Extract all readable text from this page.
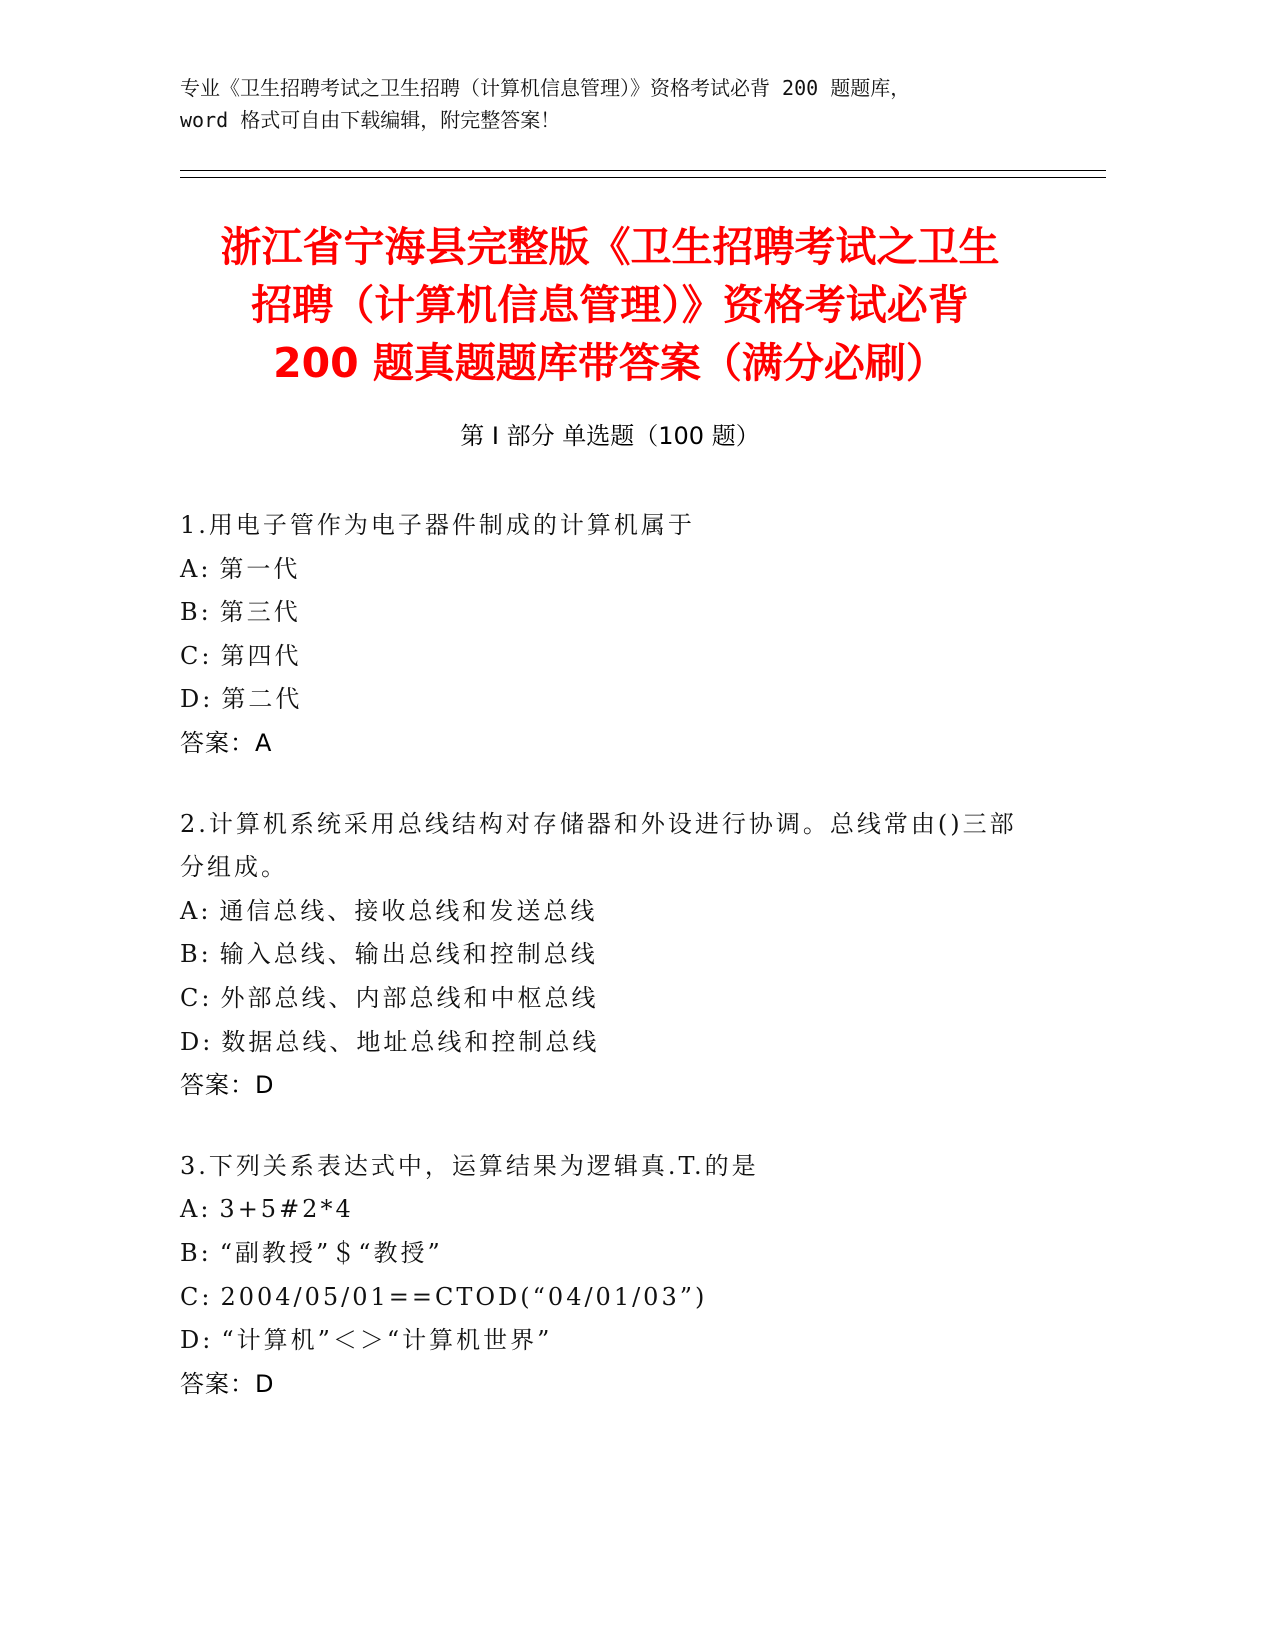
专业《卫生招聘考试之卫生招聘（计算机信息管理）》资格考试必背 200 题题库，
word 格式可自由下载编辑，附完整答案！
浙江省宁海县完整版《卫生招聘考试之卫生
招聘（计算机信息管理）》资格考试必背
200 题真题题库带答案（满分必刷）
第 I 部分 单选题（100 题）
1.用电子管作为电子器件制成的计算机属于
A: 第一代
B: 第三代
C: 第四代
D: 第二代
答案：A
2.计算机系统采用总线结构对存储器和外设进行协调。总线常由()三部分组成。
A: 通信总线、接收总线和发送总线
B: 输入总线、输出总线和控制总线
C: 外部总线、内部总线和中枢总线
D: 数据总线、地址总线和控制总线
答案：D
3.下列关系表达式中，运算结果为逻辑真.T.的是
A: 3+5#2*4
B: “副教授”＄“教授”
C: 2004/05/01==CTOD(“04/01/03”)
D: “计算机”＜＞“计算机世界”
答案：D
